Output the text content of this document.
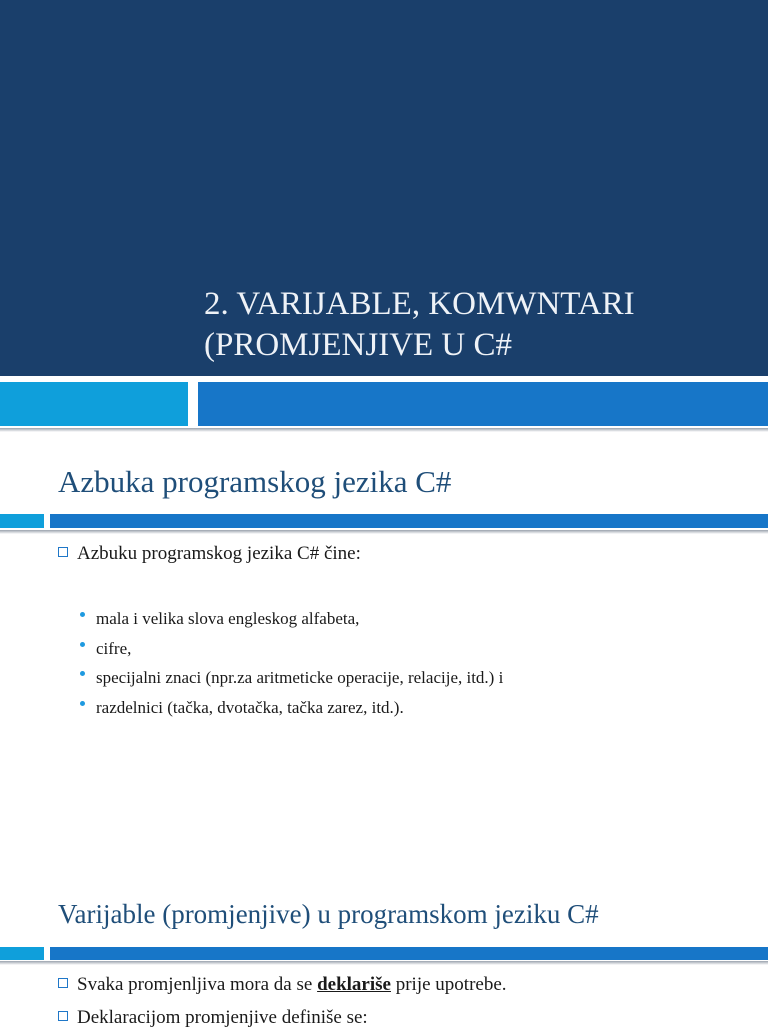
2. VARIJABLE, KOMWNTARI
(PROMJENJIVE U C#
Azbuka programskog jezika C#

Azbuku programskog jezika C# čine:

mala i velika slova engleskog alfabeta,
cifre,
specijalni znaci (npr.za aritmeticke operacije, relacije, itd.) i
razdelnici (tačka, dvotačka, tačka zarez, itd.).
Varijable (promjenjive) u programskom jeziku C#

Svaka promjenljiva mora da se deklariše prije upotrebe.

Deklaracijom promjenjive definiše se:
